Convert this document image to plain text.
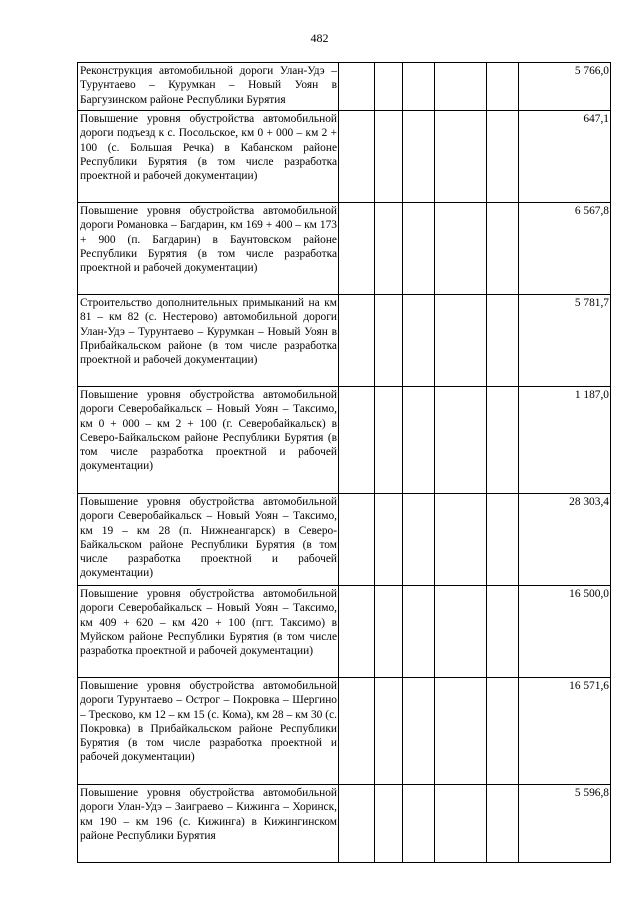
482
Реконструкция автомобильной дороги Улан-Удэ – Турунтаево – Курумкан – Новый Уоян в Баргузинском районе Республики Бурятия						5 766,0
Повышение уровня обустройства автомобильной дороги подъезд к с. Посольское, км 0 + 000 – км 2 + 100 (с. Большая Речка) в Кабанском районе Республики Бурятия (в том числе разработка проектной и рабочей документации)						647,1
Повышение уровня обустройства автомобильной дороги Романовка – Багдарин, км 169 + 400 – км 173 + 900 (п. Багдарин) в Баунтовском районе Республики Бурятия (в том числе разработка проектной и рабочей документации)						6 567,8
Строительство дополнительных примыканий на км 81 – км 82 (с. Нестерово) автомобильной дороги Улан-Удэ – Турунтаево – Курумкан – Новый Уоян в Прибайкальском районе (в том числе разработка проектной и рабочей документации)						5 781,7
Повышение уровня обустройства автомобильной дороги Северобайкальск – Новый Уоян – Таксимо, км 0 + 000 – км 2 + 100 (г. Северобайкальск) в Северо-Байкальском районе Республики Бурятия (в том числе разработка проектной и рабочей документации)						1 187,0
Повышение уровня обустройства автомобильной дороги Северобайкальск – Новый Уоян – Таксимо, км 19 – км 28 (п. Нижнеангарск) в Северо-Байкальском районе Республики Бурятия (в том числе разработка проектной и рабочей документации)						28 303,4
Повышение уровня обустройства автомобильной дороги Северобайкальск – Новый Уоян – Таксимо, км 409 + 620 – км 420 + 100 (пгт. Таксимо) в Муйском районе Республики Бурятия (в том числе разработка проектной и рабочей документации)						16 500,0
Повышение уровня обустройства автомобильной дороги Турунтаево – Острог – Покровка – Шергино – Тресково, км 12 – км 15 (с. Кома), км 28 – км 30 (с. Покровка) в Прибайкальском районе Республики Бурятия (в том числе разработка проектной и рабочей документации)						16 571,6
Повышение уровня обустройства автомобильной дороги Улан-Удэ – Заиграево – Кижинга – Хоринск, км 190 – км 196 (с. Кижинга) в Кижингинском районе Республики Бурятия						5 596,8
